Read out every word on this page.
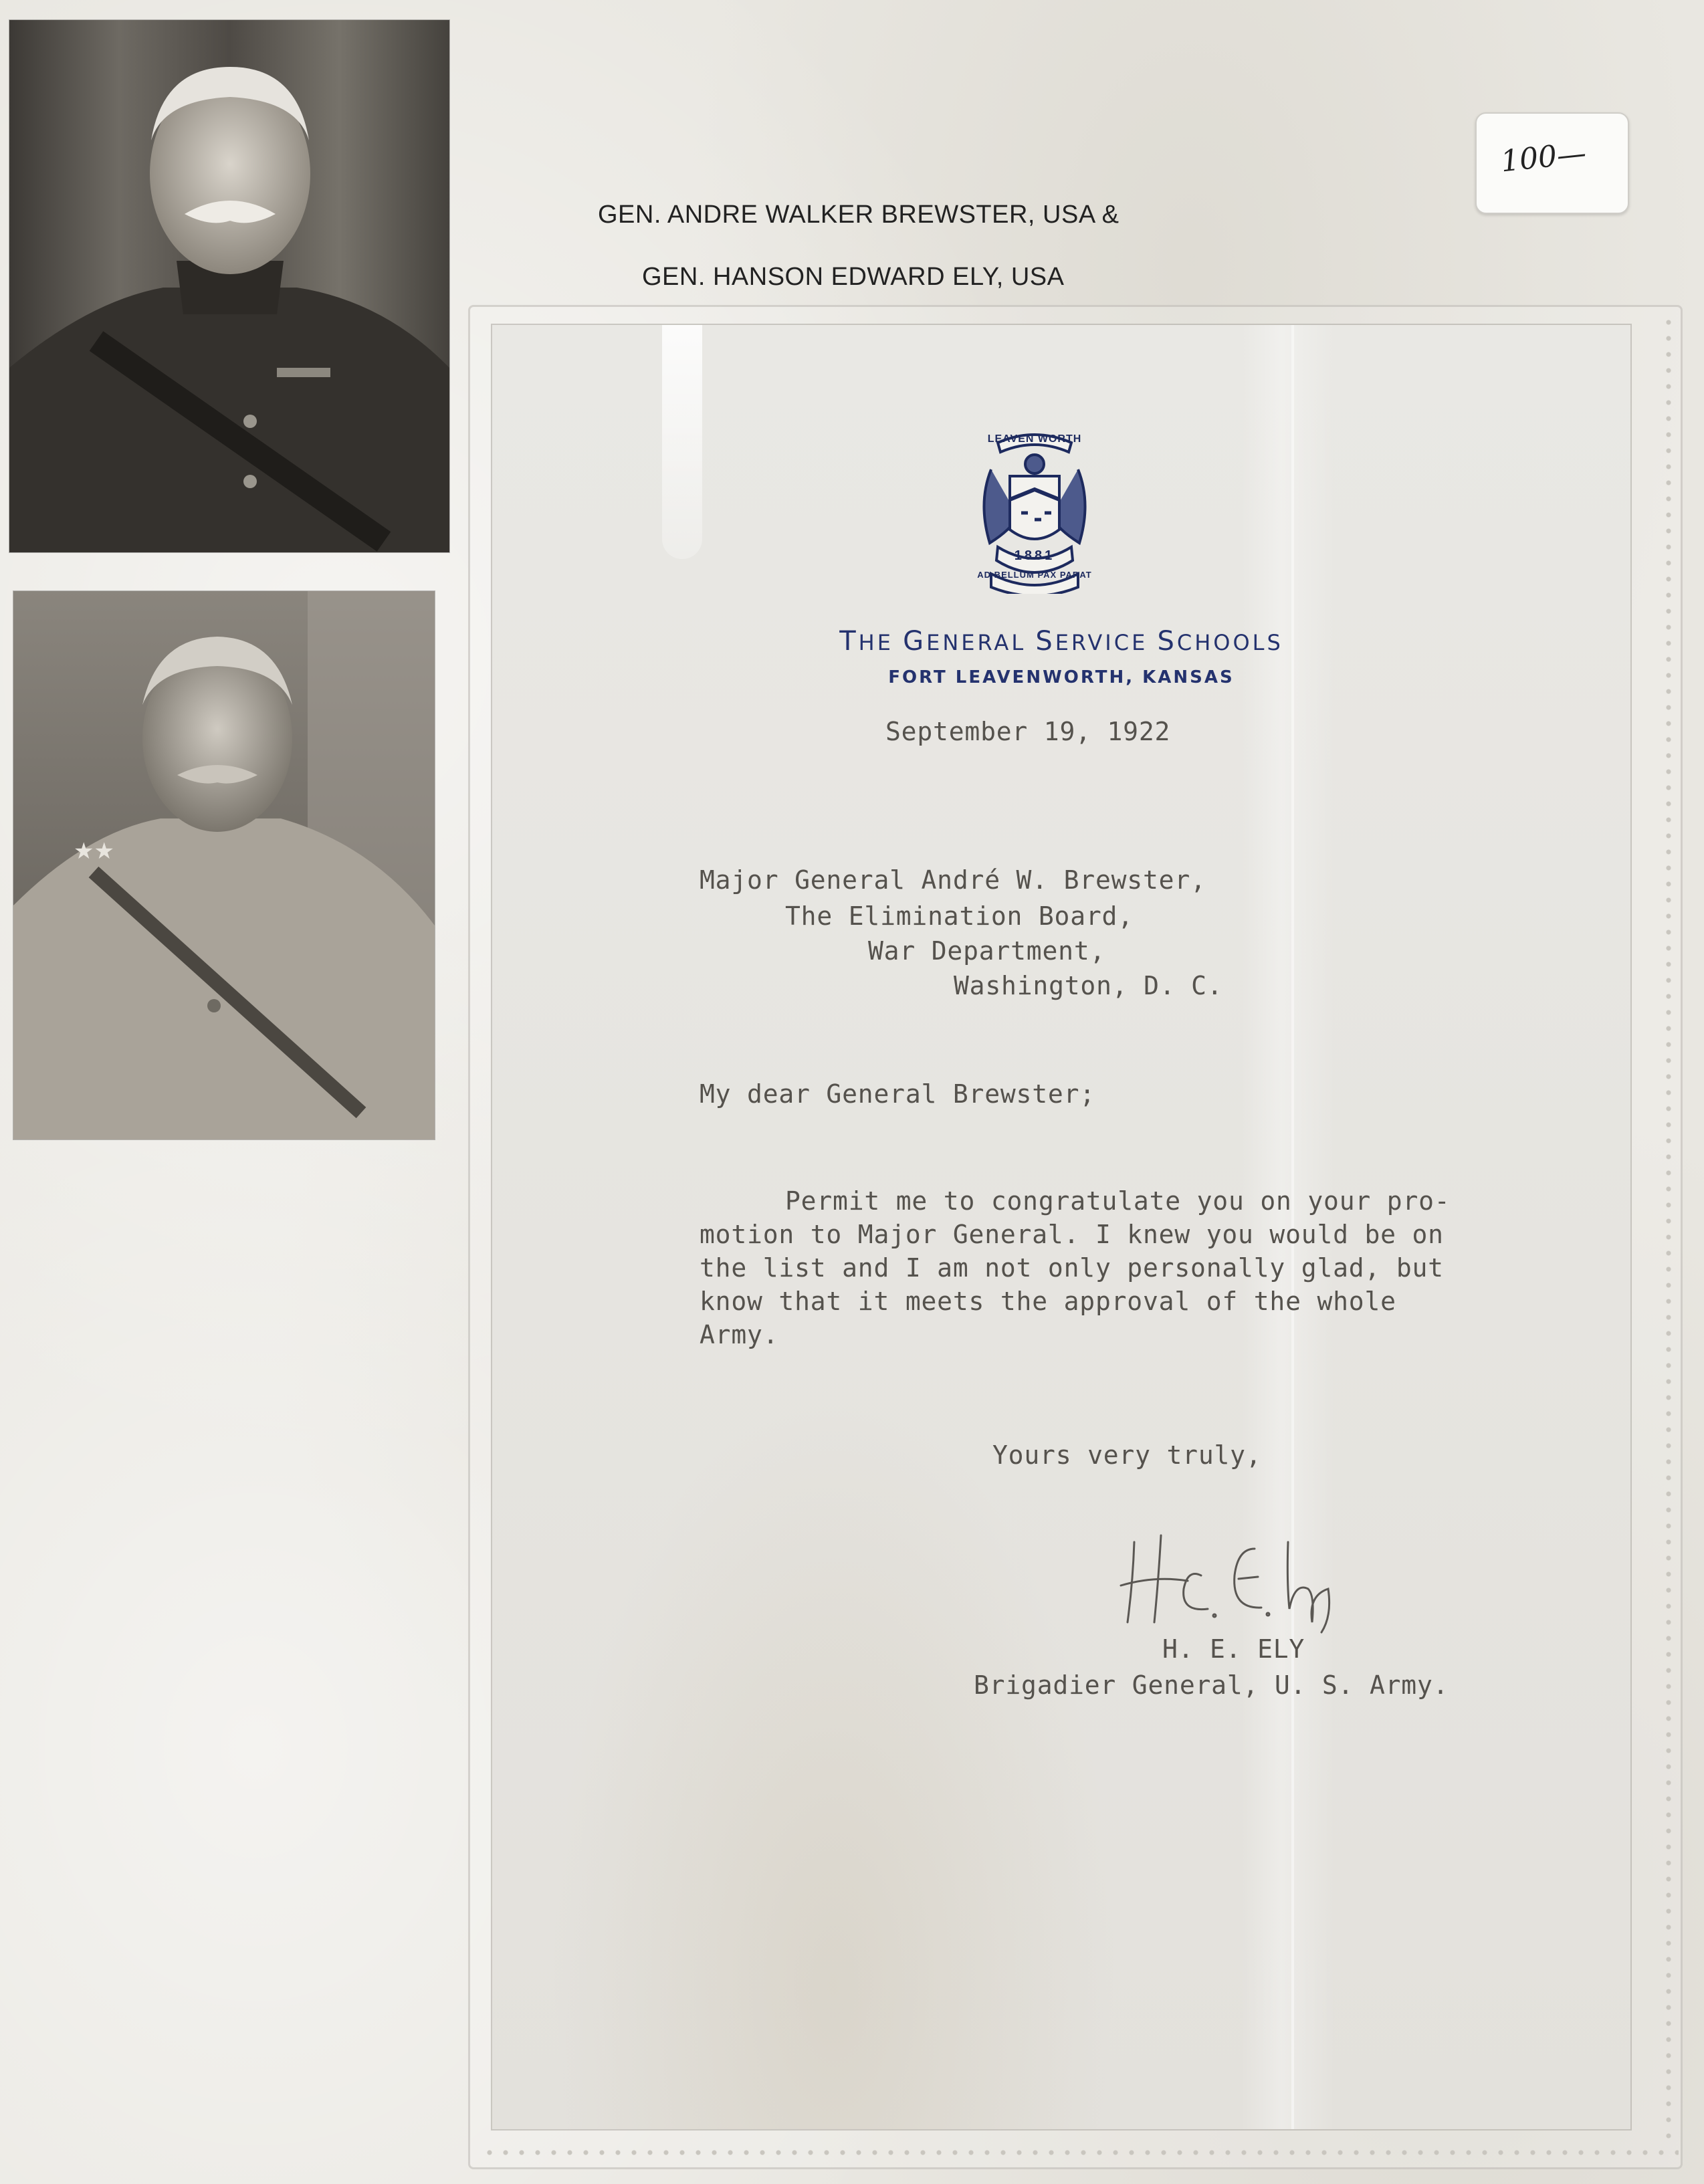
★★
GEN. ANDRE WALKER BREWSTER, USA &
GEN. HANSON EDWARD ELY, USA
100—
LEAVEN WORTH
1881
AD BELLUM PAX PARAT
THE GENERAL SERVICE SCHOOLS
FORT LEAVENWORTH, KANSAS
September 19, 1922
Major General André W. Brewster,
The Elimination Board,
War Department,
Washington, D. C.
My dear General Brewster;
Permit me to congratulate you on your pro-
motion to Major General. I knew you would be on
the list and I am not only personally glad, but
know that it meets the approval of the whole
Army.
Yours very truly,
H. E. ELY
Brigadier General, U. S. Army.
